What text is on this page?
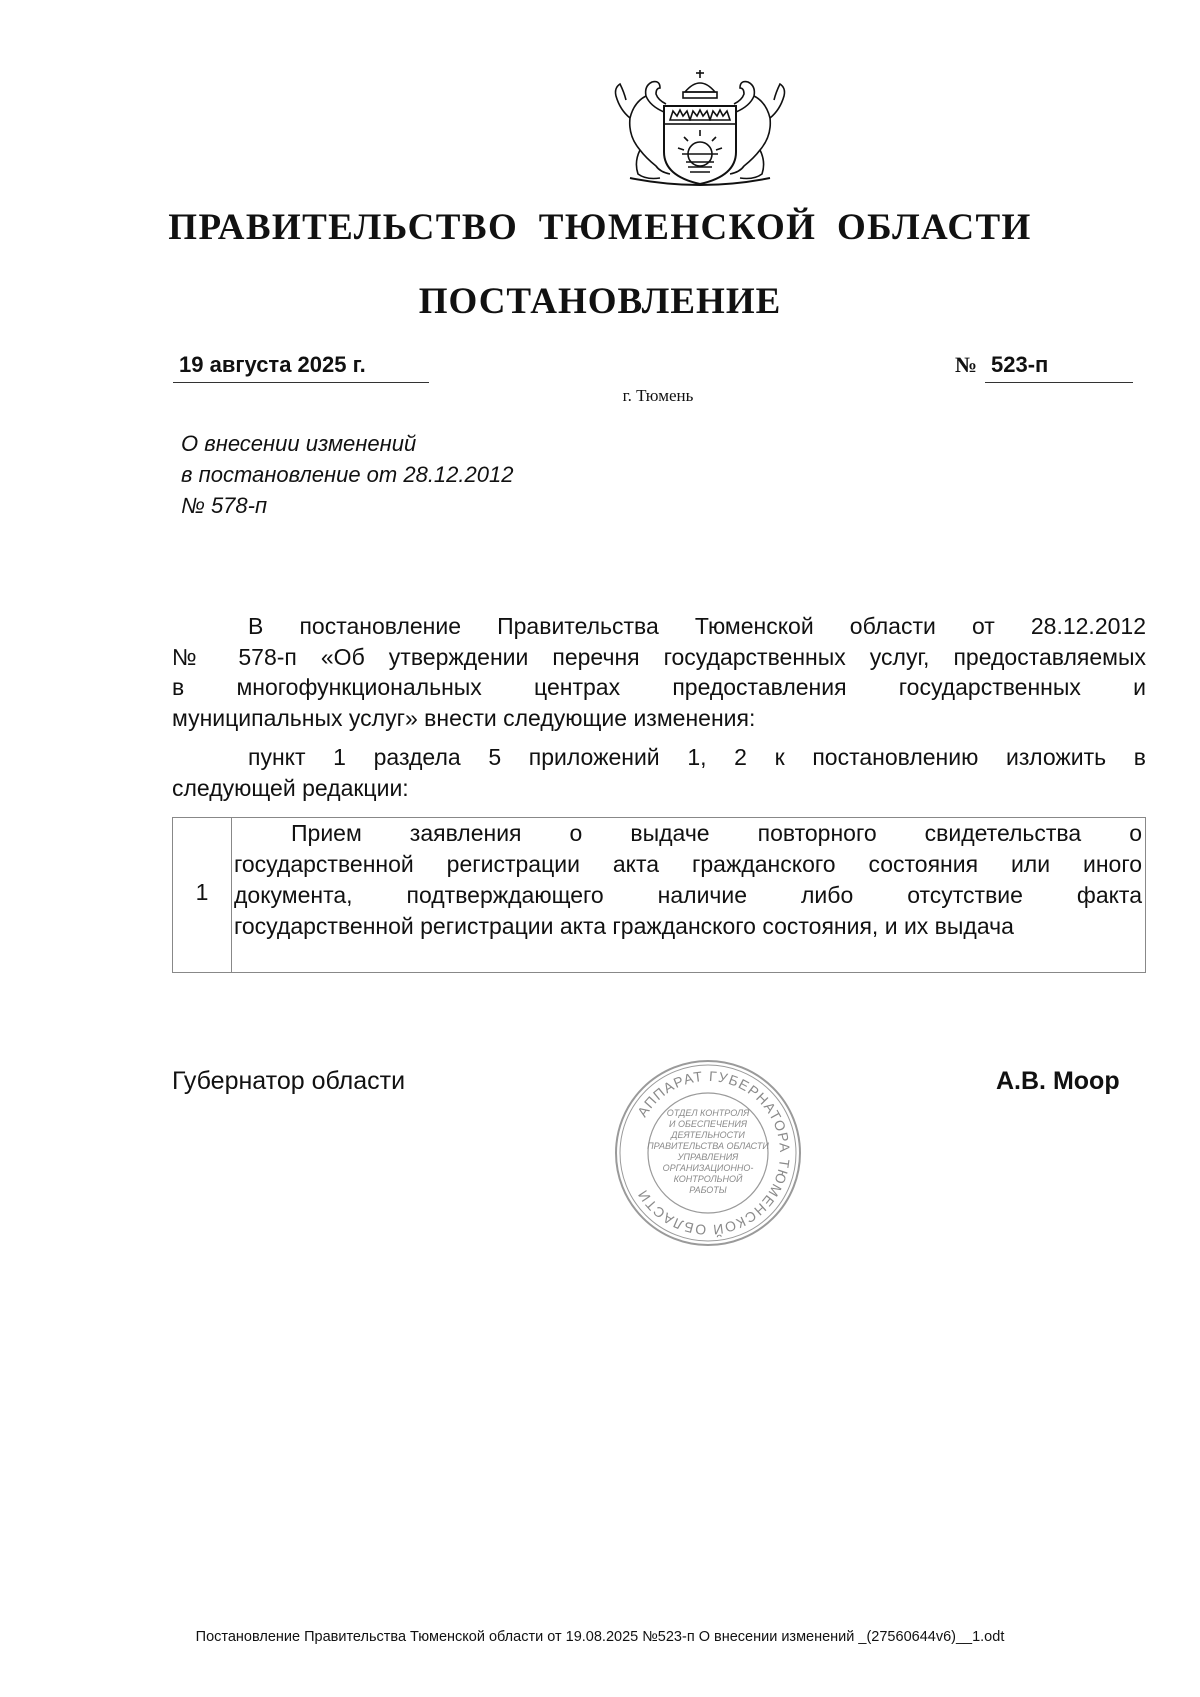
ПРАВИТЕЛЬСТВО ТЮМЕНСКОЙ ОБЛАСТИ
ПОСТАНОВЛЕНИЕ
19 августа 2025 г.	№ 523-п
г. Тюмень
О внесении изменений
в постановление от 28.12.2012
№ 578-п
В постановление Правительства Тюменской области от 28.12.2012
№ 578-п «Об утверждении перечня государственных услуг, предоставляемых
в многофункциональных центрах предоставления государственных и
муниципальных услуг» внести следующие изменения:
пункт 1 раздела 5 приложений 1, 2 к постановлению изложить в
следующей редакции:
1
Прием заявления о выдаче повторного свидетельства о
государственной регистрации акта гражданского состояния или иного
документа, подтверждающего наличие либо отсутствие факта
государственной регистрации акта гражданского состояния, и их выдача
Губернатор области	А.В. Моор
АППАРАТ ГУБЕРНАТОРА ТЮМЕНСКОЙ ОБЛАСТИ
ОТДЕЛ КОНТРОЛЯ
И ОБЕСПЕЧЕНИЯ
ДЕЯТЕЛЬНОСТИ
ПРАВИТЕЛЬСТВА ОБЛАСТИ
УПРАВЛЕНИЯ
ОРГАНИЗАЦИОННО-
КОНТРОЛЬНОЙ
РАБОТЫ
Постановление Правительства Тюменской области от 19.08.2025 №523-п О внесении изменений _(27560644v6)__1.odt
